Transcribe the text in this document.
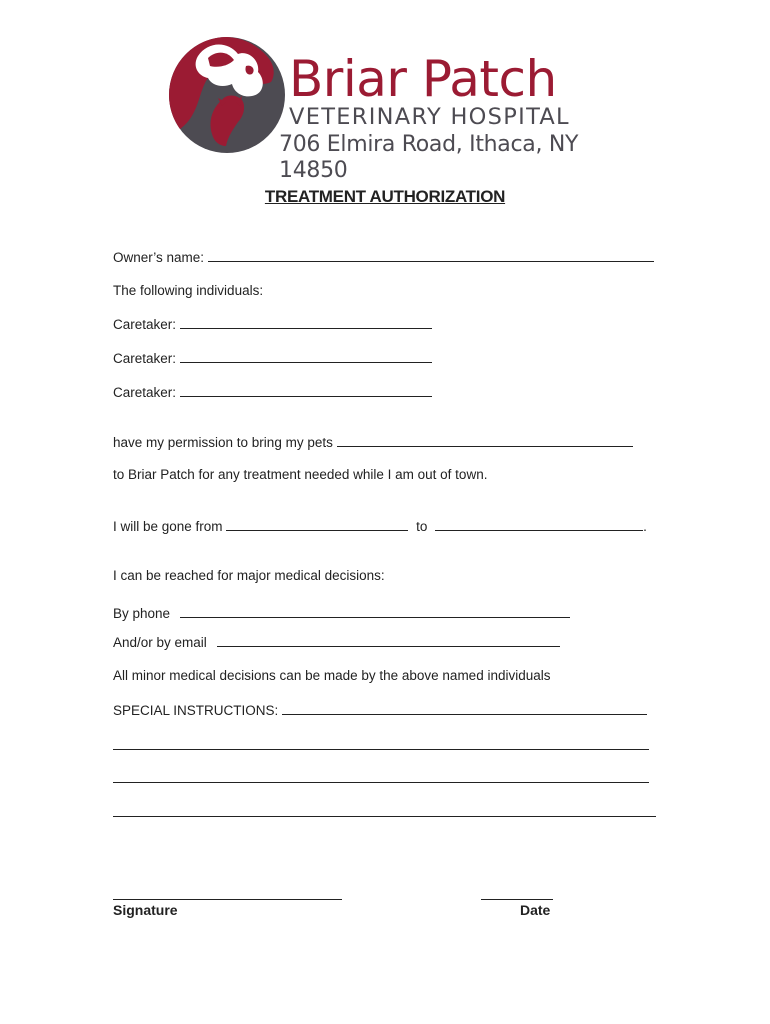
Briar Patch
VETERINARY HOSPITAL
706 Elmira Road, Ithaca, NY 14850
TREATMENT AUTHORIZATION
Owner’s name:
The following individuals:
Caretaker:
Caretaker:
Caretaker:
have my permission to bring my pets
to Briar Patch for any treatment needed while I am out of town.
I will be gone from	to	.
I can be reached for major medical decisions:
By phone
And/or by email
All minor medical decisions can be made by the above named individuals
SPECIAL INSTRUCTIONS:
Signature	Date
